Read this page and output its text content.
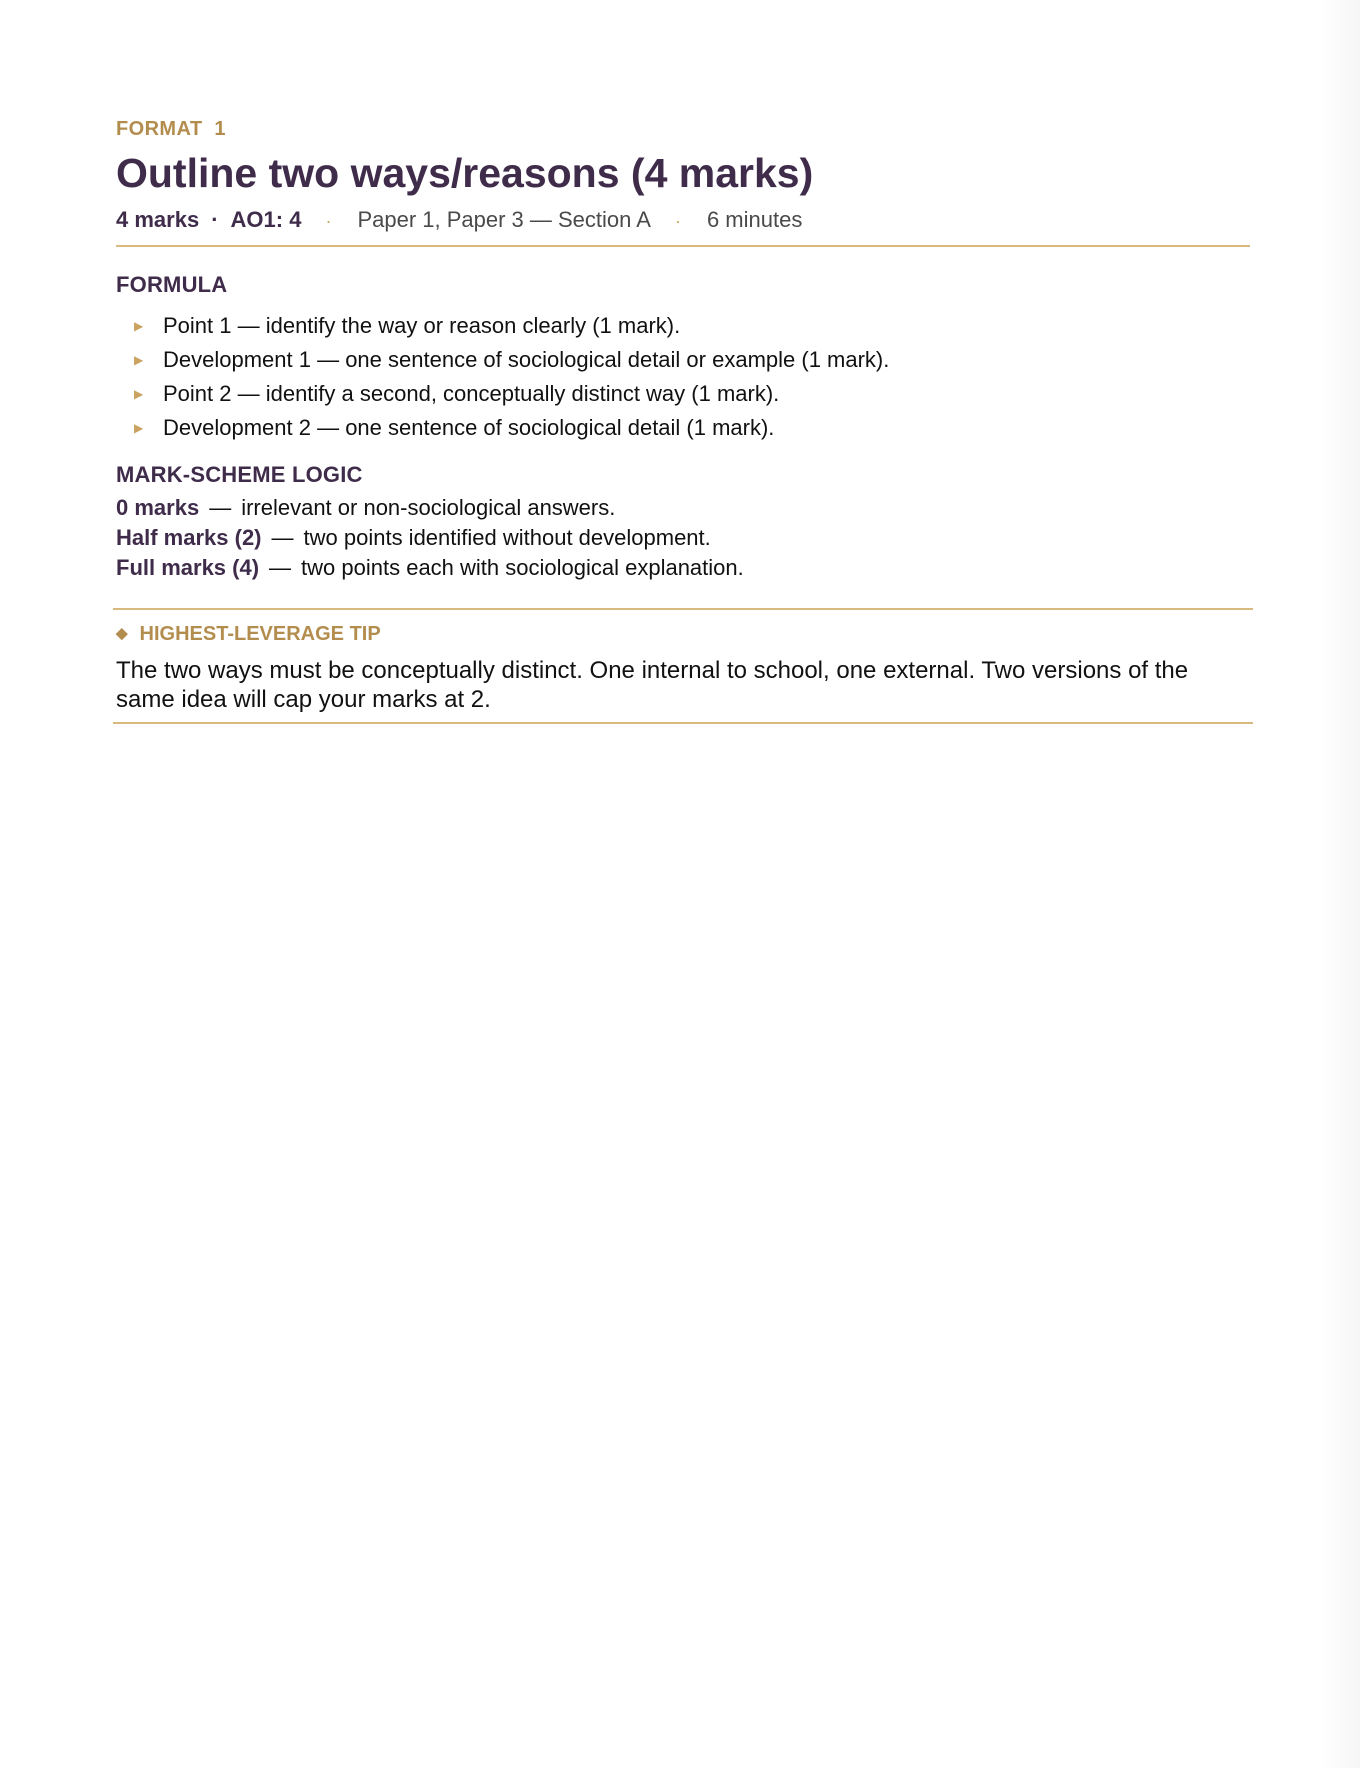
FORMAT  1
Outline two ways/reasons (4 marks)
4 marks · AO1: 4 · Paper 1, Paper 3 — Section A · 6 minutes
FORMULA
▶ Point 1 — identify the way or reason clearly (1 mark).
▶ Development 1 — one sentence of sociological detail or example (1 mark).
▶ Point 2 — identify a second, conceptually distinct way (1 mark).
▶ Development 2 — one sentence of sociological detail (1 mark).
MARK-SCHEME LOGIC
0 marks — irrelevant or non-sociological answers.
Half marks (2) — two points identified without development.
Full marks (4) — two points each with sociological explanation.
◆ HIGHEST-LEVERAGE TIP
The two ways must be conceptually distinct. One internal to school, one external. Two versions of the same idea will cap your marks at 2.
